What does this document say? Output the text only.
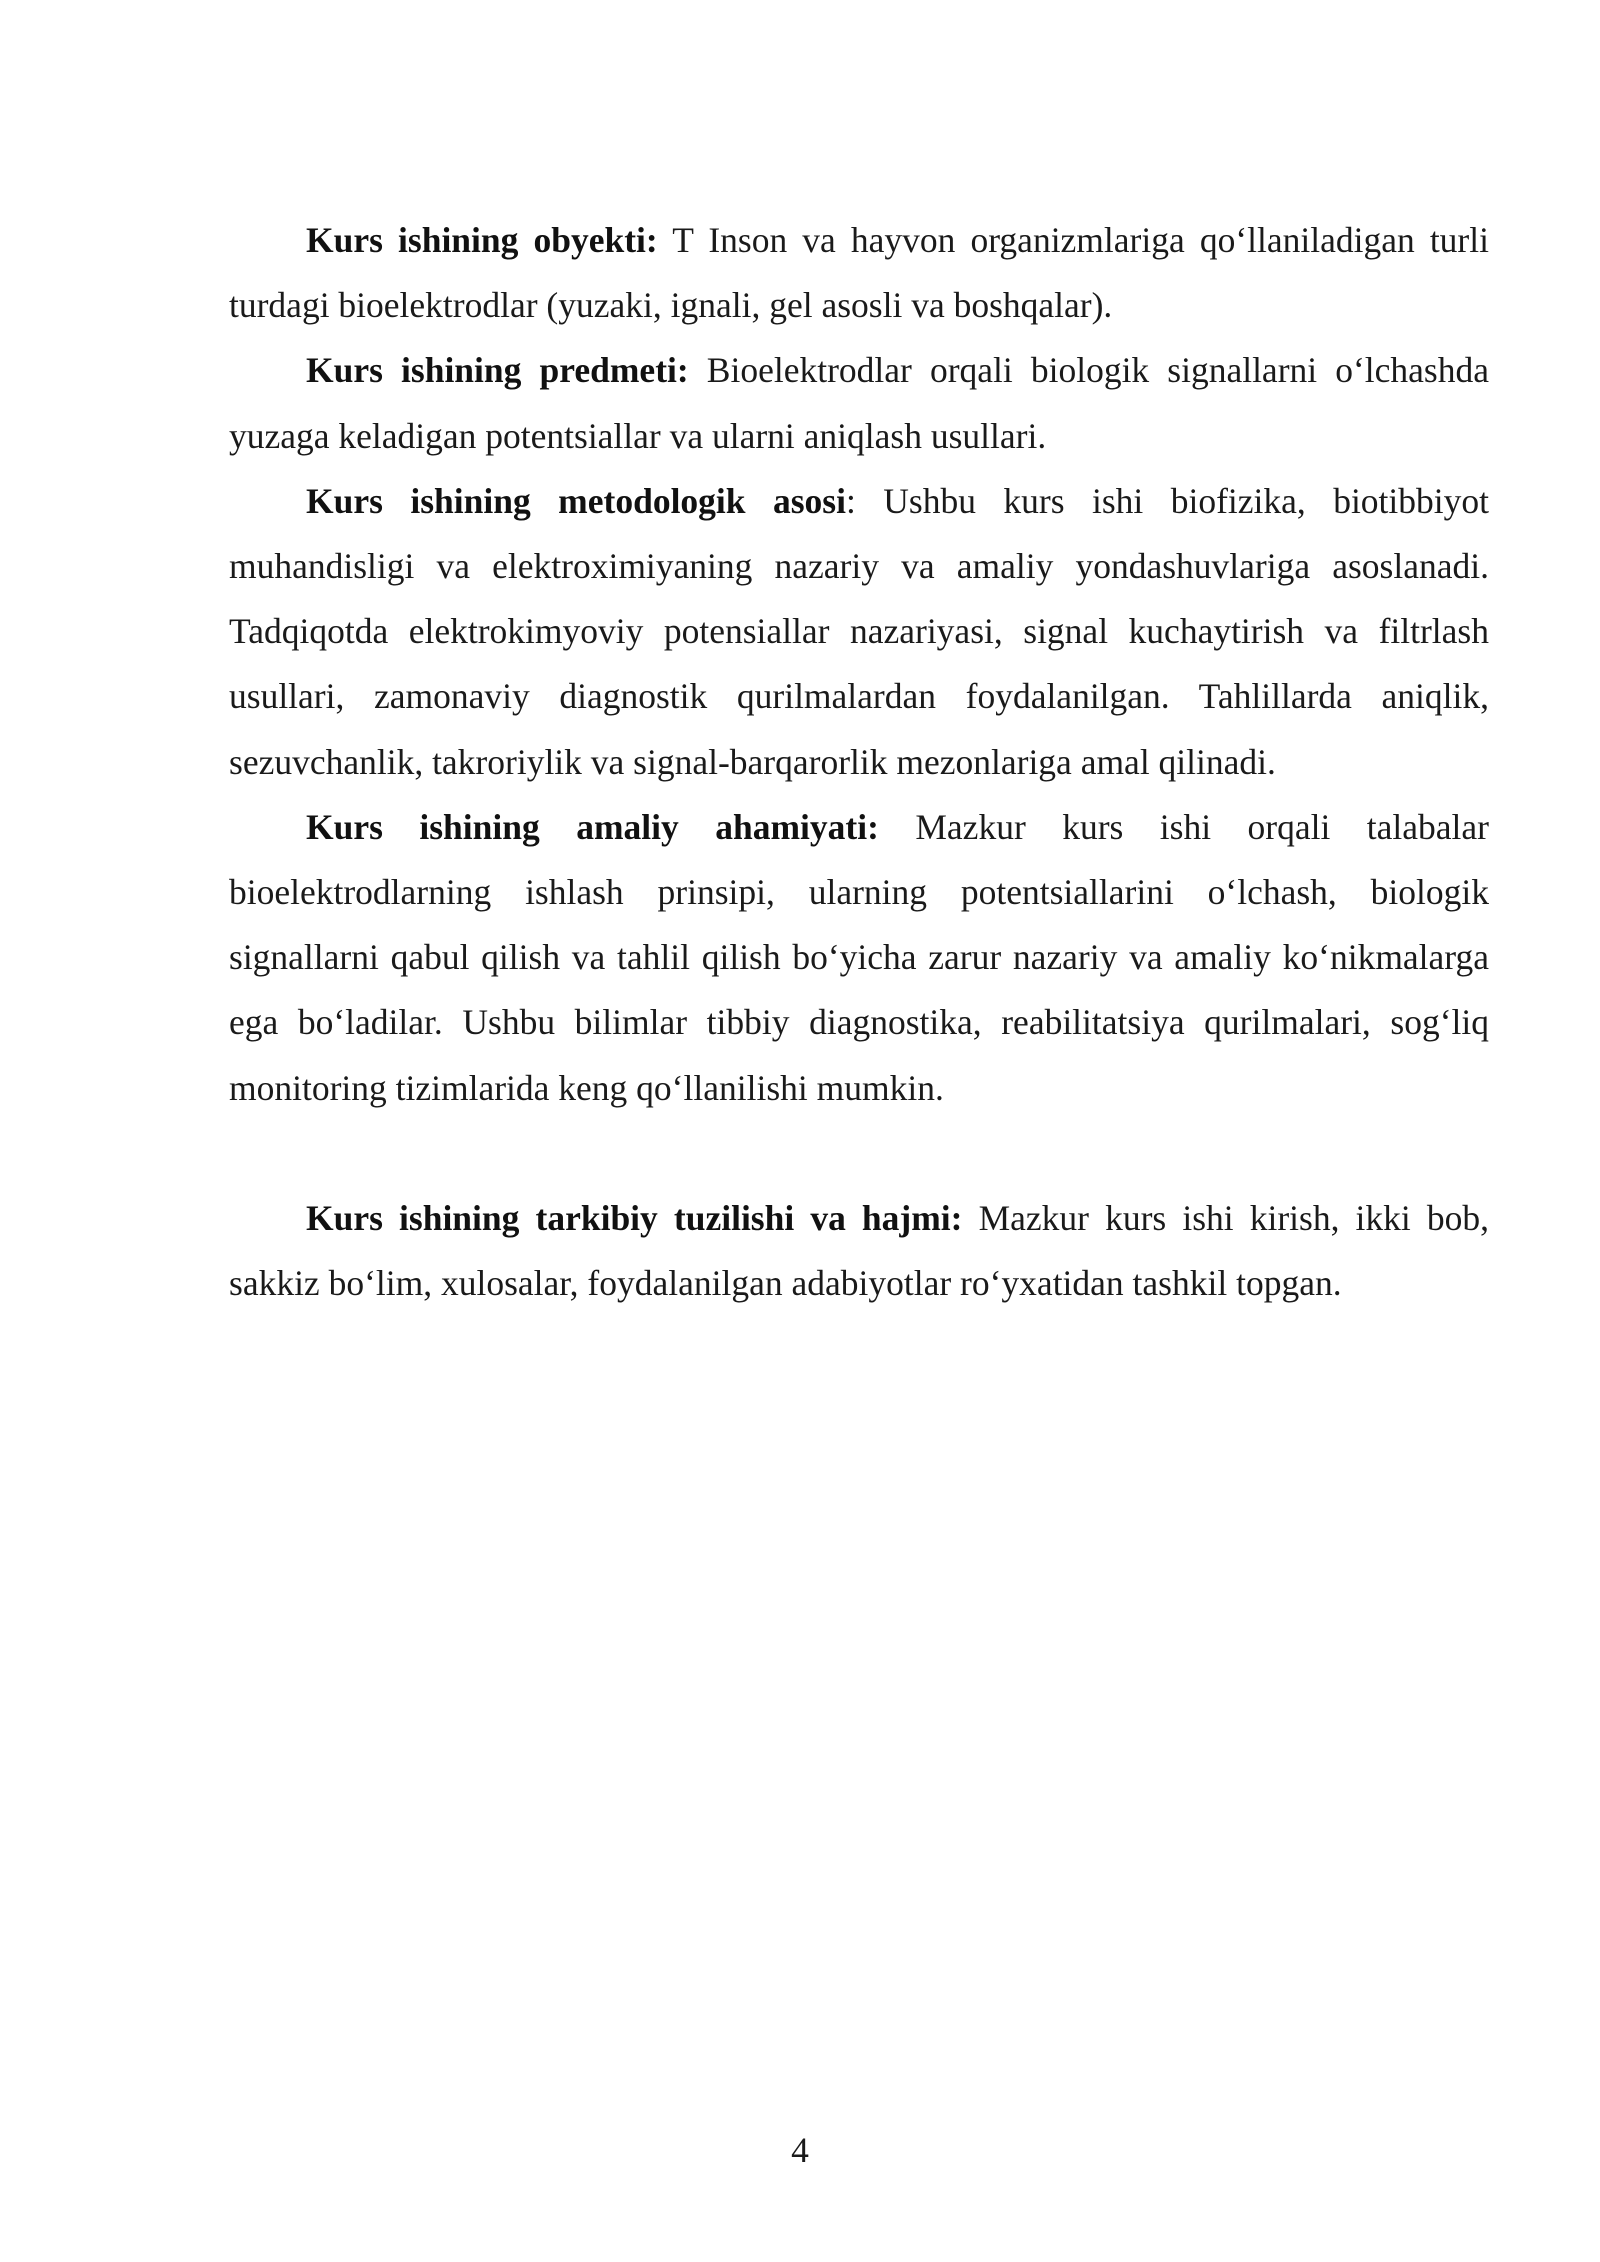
Kurs ishining obyekti: T Inson va hayvon organizmlariga qo‘llaniladigan turli turdagi bioelektrodlar (yuzaki, ignali, gel asosli va boshqalar).

Kurs ishining predmeti: Bioelektrodlar orqali biologik signallarni o‘lchashda yuzaga keladigan potentsiallar va ularni aniqlash usullari.

Kurs ishining metodologik asosi: Ushbu kurs ishi biofizika, biotibbiyot muhandisligi va elektroximiyaning nazariy va amaliy yondashuvlariga asoslanadi. Tadqiqotda elektrokimyoviy potensiallar nazariyasi, signal kuchaytirish va filtrlash usullari, zamonaviy diagnostik qurilmalardan foydalanilgan. Tahlillarda aniqlik, sezuvchanlik, takroriylik va signal-barqarorlik mezonlariga amal qilinadi.

Kurs ishining amaliy ahamiyati: Mazkur kurs ishi orqali talabalar bioelektrodlarning ishlash prinsipi, ularning potentsiallarini o‘lchash, biologik signallarni qabul qilish va tahlil qilish bo‘yicha zarur nazariy va amaliy ko‘nikmalarga ega bo‘ladilar. Ushbu bilimlar tibbiy diagnostika, reabilitatsiya qurilmalari, sog‘liq monitoring tizimlarida keng qo‘llanilishi mumkin.

Kurs ishining tarkibiy tuzilishi va hajmi: Mazkur kurs ishi kirish, ikki bob, sakkiz bo‘lim, xulosalar, foydalanilgan adabiyotlar ro‘yxatidan tashkil topgan.

4
